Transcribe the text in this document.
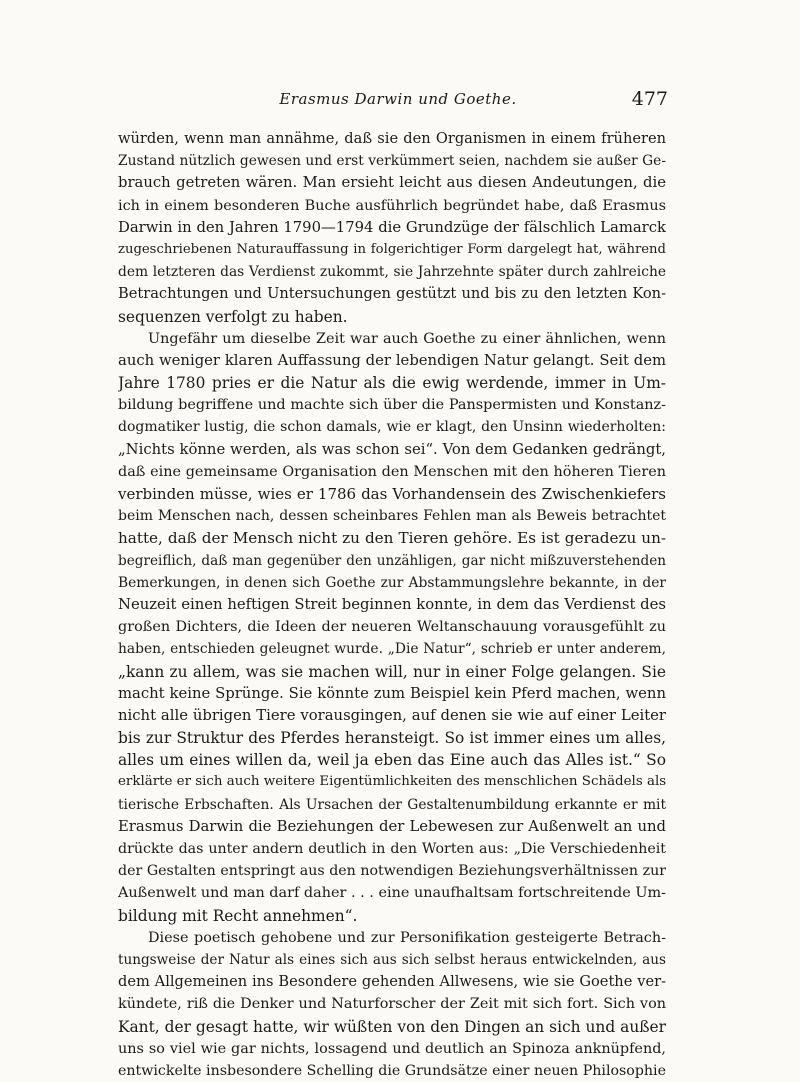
Erasmus Darwin und Goethe.	477
würden, wenn man annähme, daß sie den Organismen in einem früheren
Zustand nützlich gewesen und erst verkümmert seien, nachdem sie außer Ge-
brauch getreten wären. Man ersieht leicht aus diesen Andeutungen, die
ich in einem besonderen Buche ausführlich begründet habe, daß Erasmus
Darwin in den Jahren 1790—1794 die Grundzüge der fälschlich Lamarck
zugeschriebenen Naturauffassung in folgerichtiger Form dargelegt hat, während
dem letzteren das Verdienst zukommt, sie Jahrzehnte später durch zahlreiche
Betrachtungen und Untersuchungen gestützt und bis zu den letzten Kon-
sequenzen verfolgt zu haben.
Ungefähr um dieselbe Zeit war auch Goethe zu einer ähnlichen, wenn
auch weniger klaren Auffassung der lebendigen Natur gelangt. Seit dem
Jahre 1780 pries er die Natur als die ewig werdende, immer in Um-
bildung begriffene und machte sich über die Panspermisten und Konstanz-
dogmatiker lustig, die schon damals, wie er klagt, den Unsinn wiederholten:
„Nichts könne werden, als was schon sei“. Von dem Gedanken gedrängt,
daß eine gemeinsame Organisation den Menschen mit den höheren Tieren
verbinden müsse, wies er 1786 das Vorhandensein des Zwischenkiefers
beim Menschen nach, dessen scheinbares Fehlen man als Beweis betrachtet
hatte, daß der Mensch nicht zu den Tieren gehöre. Es ist geradezu un-
begreiflich, daß man gegenüber den unzähligen, gar nicht mißzuverstehenden
Bemerkungen, in denen sich Goethe zur Abstammungslehre bekannte, in der
Neuzeit einen heftigen Streit beginnen konnte, in dem das Verdienst des
großen Dichters, die Ideen der neueren Weltanschauung vorausgefühlt zu
haben, entschieden geleugnet wurde. „Die Natur“, schrieb er unter anderem,
„kann zu allem, was sie machen will, nur in einer Folge gelangen. Sie
macht keine Sprünge. Sie könnte zum Beispiel kein Pferd machen, wenn
nicht alle übrigen Tiere vorausgingen, auf denen sie wie auf einer Leiter
bis zur Struktur des Pferdes heransteigt. So ist immer eines um alles,
alles um eines willen da, weil ja eben das Eine auch das Alles ist.“ So
erklärte er sich auch weitere Eigentümlichkeiten des menschlichen Schädels als
tierische Erbschaften. Als Ursachen der Gestaltenumbildung erkannte er mit
Erasmus Darwin die Beziehungen der Lebewesen zur Außenwelt an und
drückte das unter andern deutlich in den Worten aus: „Die Verschiedenheit
der Gestalten entspringt aus den notwendigen Beziehungsverhältnissen zur
Außenwelt und man darf daher . . . eine unaufhaltsam fortschreitende Um-
bildung mit Recht annehmen“.
Diese poetisch gehobene und zur Personifikation gesteigerte Betrach-
tungsweise der Natur als eines sich aus sich selbst heraus entwickelnden, aus
dem Allgemeinen ins Besondere gehenden Allwesens, wie sie Goethe ver-
kündete, riß die Denker und Naturforscher der Zeit mit sich fort. Sich von
Kant, der gesagt hatte, wir wüßten von den Dingen an sich und außer
uns so viel wie gar nichts, lossagend und deutlich an Spinoza anknüpfend,
entwickelte insbesondere Schelling die Grundsätze einer neuen Philosophie
